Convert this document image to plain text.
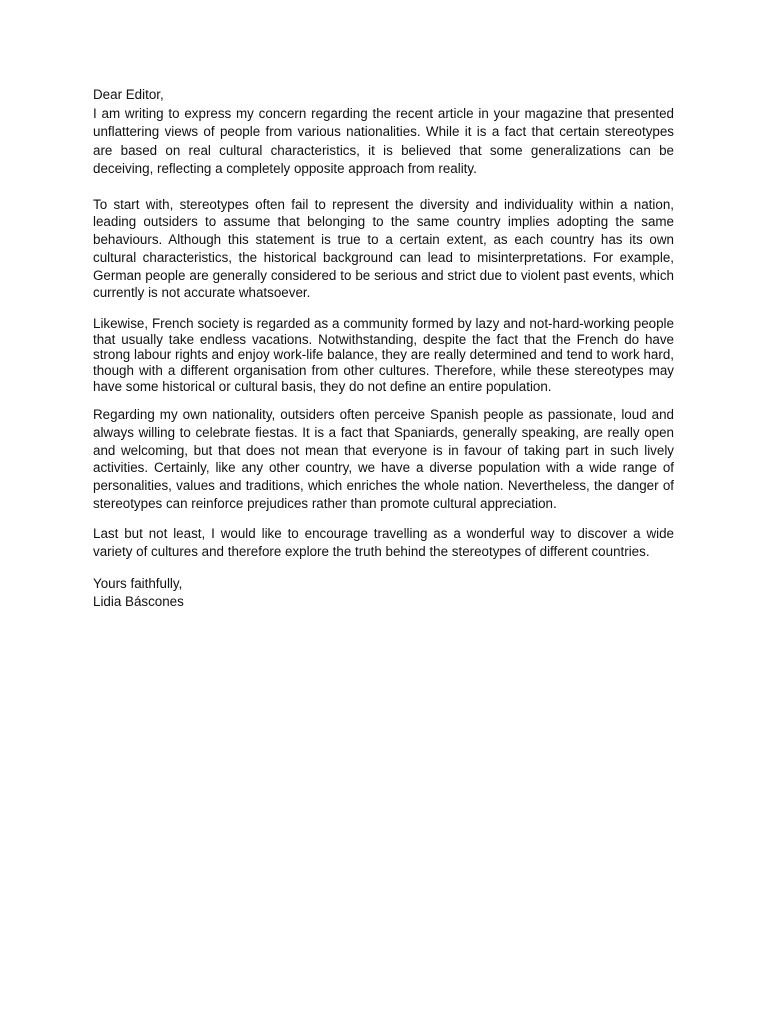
Dear Editor,

I am writing to express my concern regarding the recent article in your magazine that presented unflattering views of people from various nationalities. While it is a fact that certain stereotypes are based on real cultural characteristics, it is believed that some generalizations can be deceiving, reflecting a completely opposite approach from reality.

To start with, stereotypes often fail to represent the diversity and individuality within a nation, leading outsiders to assume that belonging to the same country implies adopting the same behaviours. Although this statement is true to a certain extent, as each country has its own cultural characteristics, the historical background can lead to misinterpretations. For example, German people are generally considered to be serious and strict due to violent past events, which currently is not accurate whatsoever.

Likewise, French society is regarded as a community formed by lazy and not-hard-working people that usually take endless vacations. Notwithstanding, despite the fact that the French do have strong labour rights and enjoy work-life balance, they are really determined and tend to work hard, though with a different organisation from other cultures. Therefore, while these stereotypes may have some historical or cultural basis, they do not define an entire population.

Regarding my own nationality, outsiders often perceive Spanish people as passionate, loud and always willing to celebrate fiestas. It is a fact that Spaniards, generally speaking, are really open and welcoming, but that does not mean that everyone is in favour of taking part in such lively activities. Certainly, like any other country, we have a diverse population with a wide range of personalities, values and traditions, which enriches the whole nation. Nevertheless, the danger of stereotypes can reinforce prejudices rather than promote cultural appreciation.

Last but not least, I would like to encourage travelling as a wonderful way to discover a wide variety of cultures and therefore explore the truth behind the stereotypes of different countries.

Yours faithfully,

Lidia Báscones
